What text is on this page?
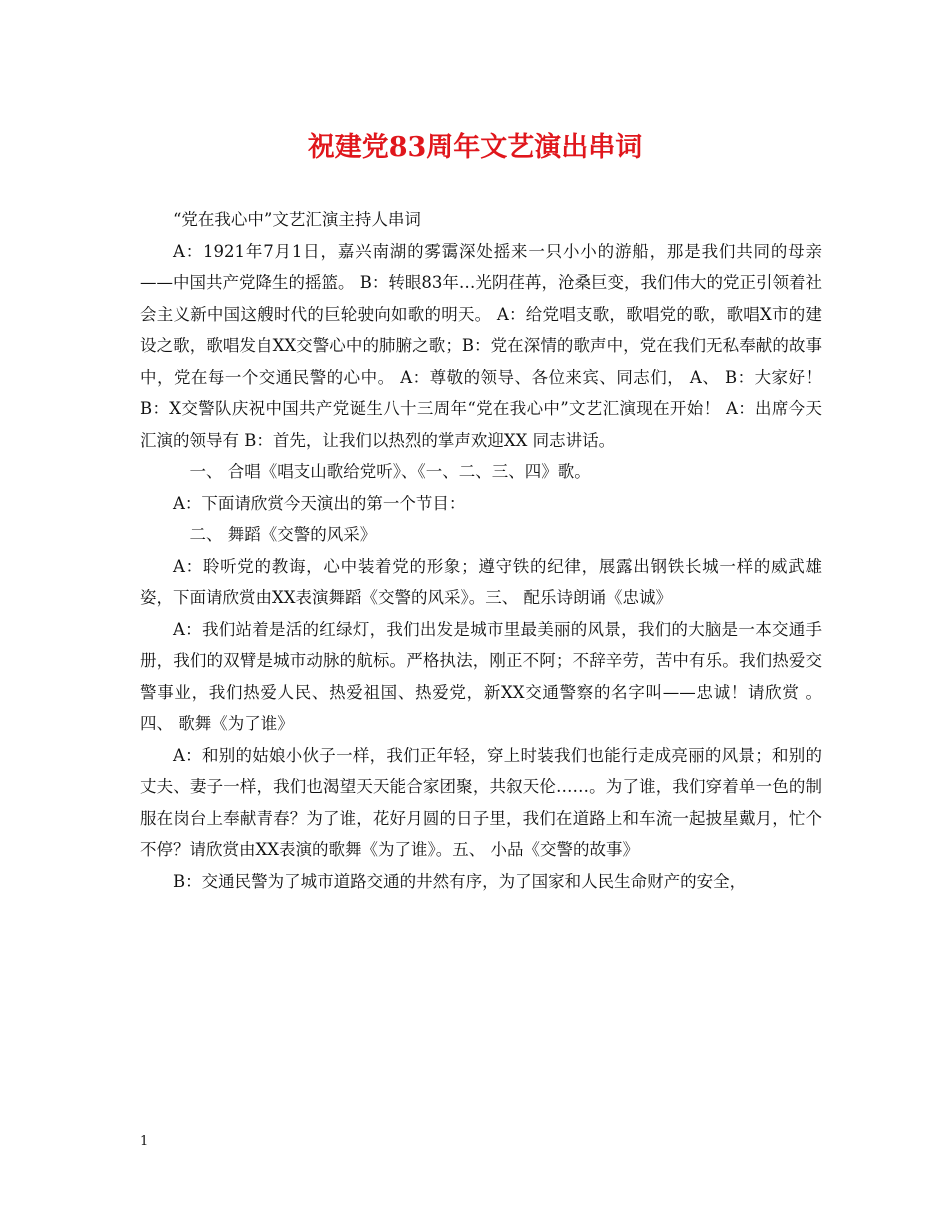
祝建党83周年文艺演出串词

“党在我心中”文艺汇演主持人串词

A：1921年7月1日，嘉兴南湖的雾霭深处摇来一只小小的游船，那是我们共同的母亲——中国共产党降生的摇篮。 B：转眼83年…光阴荏苒，沧桑巨变，我们伟大的党正引领着社会主义新中国这艘时代的巨轮驶向如歌的明天。 A：给党唱支歌，歌唱党的歌，歌唱X市的建设之歌，歌唱发自XX交警心中的肺腑之歌；B：党在深情的歌声中，党在我们无私奉献的故事中，党在每一个交通民警的心中。 A：尊敬的领导、各位来宾、同志们， A、 B：大家好！ B：X交警队庆祝中国共产党诞生八十三周年“党在我心中”文艺汇演现在开始！ A：出席今天汇演的领导有 B：首先，让我们以热烈的掌声欢迎XX 同志讲话。

一、 合唱《唱支山歌给党听》、《一、二、三、四》歌。

A：下面请欣赏今天演出的第一个节目：

二、 舞蹈《交警的风采》

A：聆听党的教诲，心中装着党的形象；遵守铁的纪律，展露出钢铁长城一样的威武雄姿，下面请欣赏由XX表演舞蹈《交警的风采》。三、 配乐诗朗诵《忠诚》

A：我们站着是活的红绿灯，我们出发是城市里最美丽的风景，我们的大脑是一本交通手册，我们的双臂是城市动脉的航标。严格执法，刚正不阿；不辞辛劳，苦中有乐。我们热爱交警事业，我们热爱人民、热爱祖国、热爱党，新XX交通警察的名字叫——忠诚！请欣赏 。四、 歌舞《为了谁》

A：和别的姑娘小伙子一样，我们正年轻，穿上时装我们也能行走成亮丽的风景；和别的丈夫、妻子一样，我们也渴望天天能合家团聚，共叙天伦……。为了谁，我们穿着单一色的制服在岗台上奉献青春？为了谁，花好月圆的日子里，我们在道路上和车流一起披星戴月，忙个不停？请欣赏由XX表演的歌舞《为了谁》。五、 小品《交警的故事》

B：交通民警为了城市道路交通的井然有序，为了国家和人民生命财产的安全，

1
